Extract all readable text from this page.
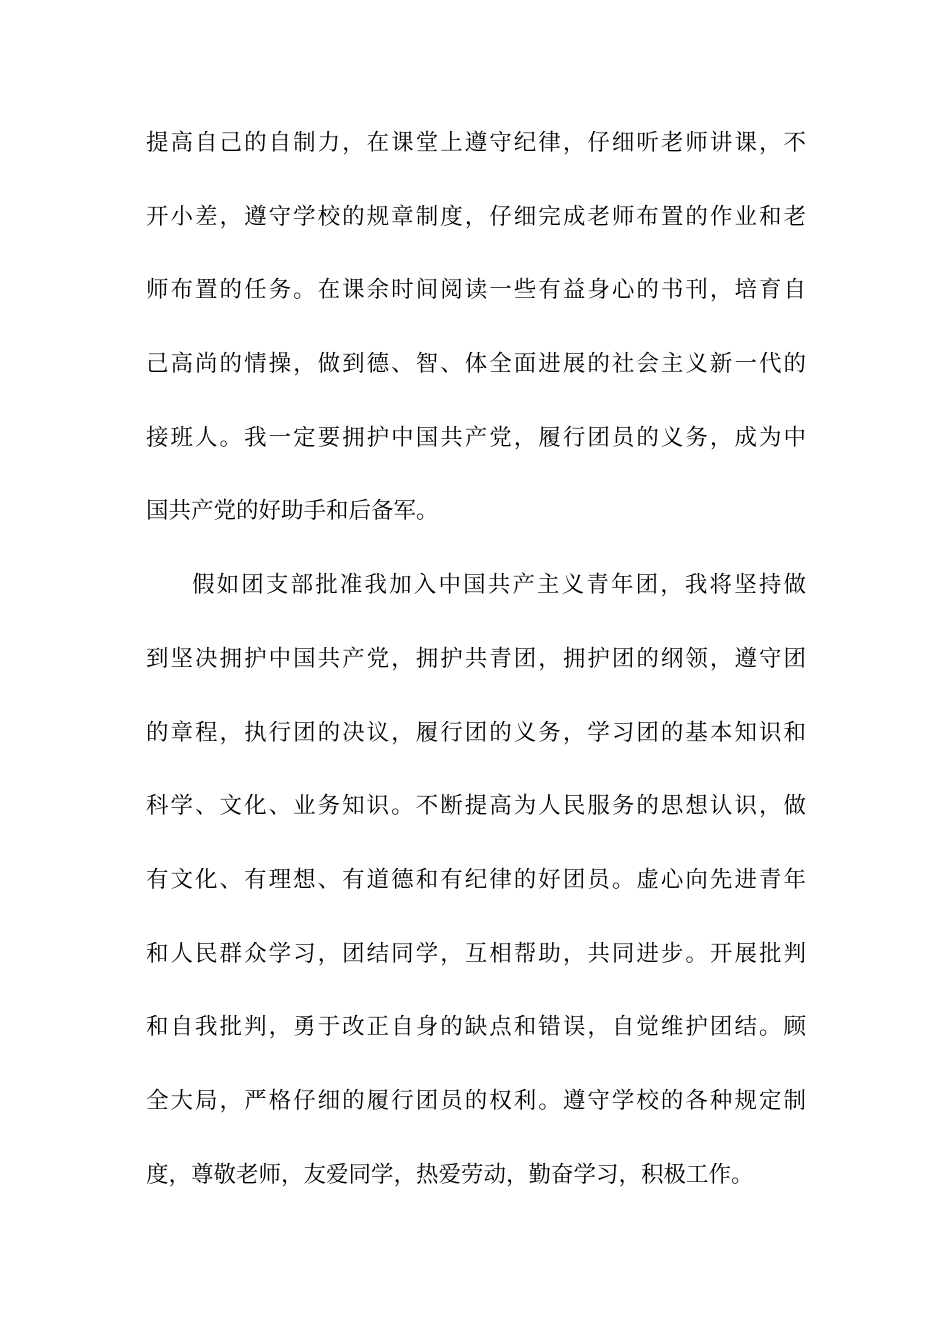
提高自己的自制力，在课堂上遵守纪律，仔细听老师讲课，不
开小差，遵守学校的规章制度，仔细完成老师布置的作业和老
师布置的任务。在课余时间阅读一些有益身心的书刊，培育自
己高尚的情操，做到德、智、体全面进展的社会主义新一代的
接班人。我一定要拥护中国共产党，履行团员的义务，成为中
国共产党的好助手和后备军。
假如团支部批准我加入中国共产主义青年团，我将坚持做
到坚决拥护中国共产党，拥护共青团，拥护团的纲领，遵守团
的章程，执行团的决议，履行团的义务，学习团的基本知识和
科学、文化、业务知识。不断提高为人民服务的思想认识，做
有文化、有理想、有道德和有纪律的好团员。虚心向先进青年
和人民群众学习，团结同学，互相帮助，共同进步。开展批判
和自我批判，勇于改正自身的缺点和错误，自觉维护团结。顾
全大局，严格仔细的履行团员的权利。遵守学校的各种规定制
度，尊敬老师，友爱同学，热爱劳动，勤奋学习，积极工作。
